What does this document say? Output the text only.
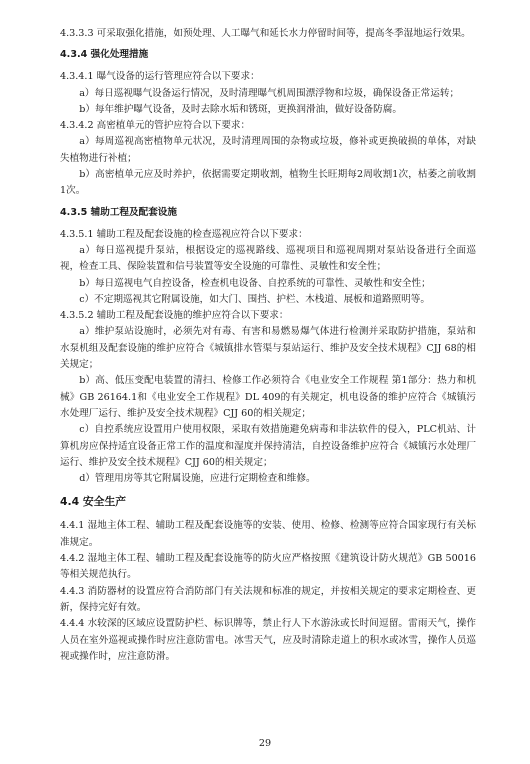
4.3.3.3 可采取强化措施，如预处理、人工曝气和延长水力停留时间等，提高冬季湿地运行效果。

4.3.4 强化处理措施

4.3.4.1 曝气设备的运行管理应符合以下要求：

a）每日巡视曝气设备运行情况，及时清理曝气机周围漂浮物和垃圾，确保设备正常运转；

b）每年维护曝气设备，及时去除水垢和锈斑，更换润滑油，做好设备防腐。

4.3.4.2 高密植单元的管护应符合以下要求：

a）每周巡视高密植物单元状况，及时清理周围的杂物或垃圾，修补或更换破损的单体，对缺失植物进行补植；

b）高密植单元应及时养护，依据需要定期收割，植物生长旺期每2周收割1次，枯萎之前收割1次。

4.3.5 辅助工程及配套设施

4.3.5.1 辅助工程及配套设施的检查巡视应符合以下要求：

a）每日巡视提升泵站，根据设定的巡视路线、巡视项目和巡视周期对泵站设备进行全面巡视，检查工具、保险装置和信号装置等安全设施的可靠性、灵敏性和安全性；

b）每日巡视电气自控设备，检查机电设备、自控系统的可靠性、灵敏性和安全性；

c）不定期巡视其它附属设施，如大门、围挡、护栏、木栈道、展板和道路照明等。

4.3.5.2 辅助工程及配套设施的维护应符合以下要求：

a）维护泵站设施时，必须先对有毒、有害和易燃易爆气体进行检测并采取防护措施，泵站和水泵机组及配套设施的维护应符合《城镇排水管渠与泵站运行、维护及安全技术规程》CJJ 68的相关规定；

b）高、低压变配电装置的清扫、检修工作必须符合《电业安全工作规程 第1部分：热力和机械》GB 26164.1和《电业安全工作规程》DL 409的有关规定，机电设备的维护应符合《城镇污水处理厂运行、维护及安全技术规程》CJJ 60的相关规定；

c）自控系统应设置用户使用权限，采取有效措施避免病毒和非法软件的侵入，PLC机站、计算机房应保持适宜设备正常工作的温度和湿度并保持清洁，自控设备维护应符合《城镇污水处理厂运行、维护及安全技术规程》CJJ 60的相关规定；

d）管理用房等其它附属设施，应进行定期检查和维修。

4.4 安全生产

4.4.1 湿地主体工程、辅助工程及配套设施等的安装、使用、检修、检测等应符合国家现行有关标准规定。

4.4.2 湿地主体工程、辅助工程及配套设施等的防火应严格按照《建筑设计防火规范》GB 50016等相关规范执行。

4.4.3 消防器材的设置应符合消防部门有关法规和标准的规定，并按相关规定的要求定期检查、更新，保持完好有效。

4.4.4 水较深的区域应设置防护栏、标识牌等，禁止行人下水游泳或长时间逗留。雷雨天气，操作人员在室外巡视或操作时应注意防雷电。冰雪天气，应及时清除走道上的积水或冰雪，操作人员巡视或操作时，应注意防滑。

29
